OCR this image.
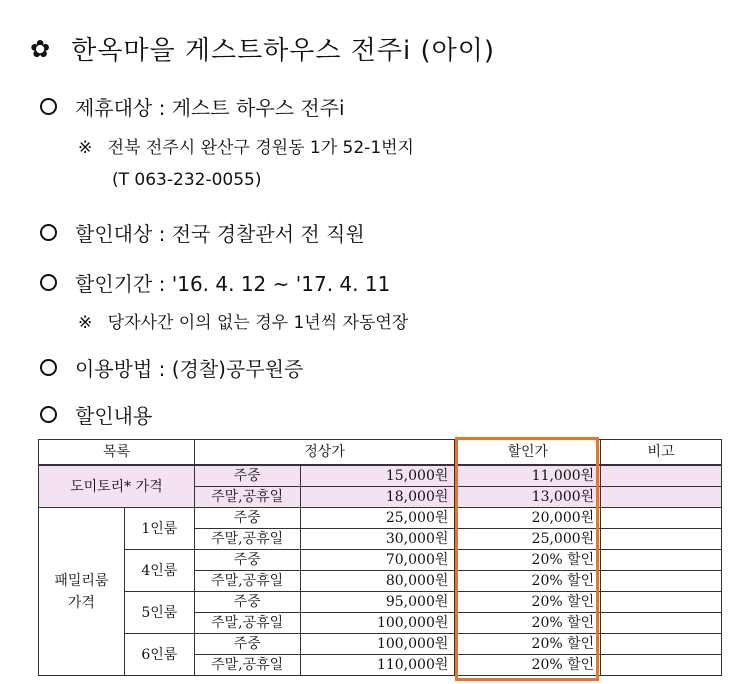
✿ 한옥마을 게스트하우스 전주i (아이)
제휴대상 : 게스트 하우스 전주i
※ 전북 전주시 완산구 경원동 1가 52-1번지
(T 063-232-0055)
할인대상 : 전국 경찰관서 전 직원
할인기간 : '16. 4. 12 ~ '17. 4. 11
※ 당자사간 이의 없는 경우 1년씩 자동연장
이용방법 : (경찰)공무원증
할인내용
목록		정상가		할인가	비고
도미토리* 가격		주중	15,000원	11,000원	
		주말,공휴일	18,000원	13,000원	
패밀리룸
가격	1인룸	주중	25,000원	20,000원	
		주말,공휴일	30,000원	25,000원	
	4인룸	주중	70,000원	20% 할인	
		주말,공휴일	80,000원	20% 할인	
	5인룸	주중	95,000원	20% 할인	
		주말,공휴일	100,000원	20% 할인	
	6인룸	주중	100,000원	20% 할인	
		주말,공휴일	110,000원	20% 할인	
